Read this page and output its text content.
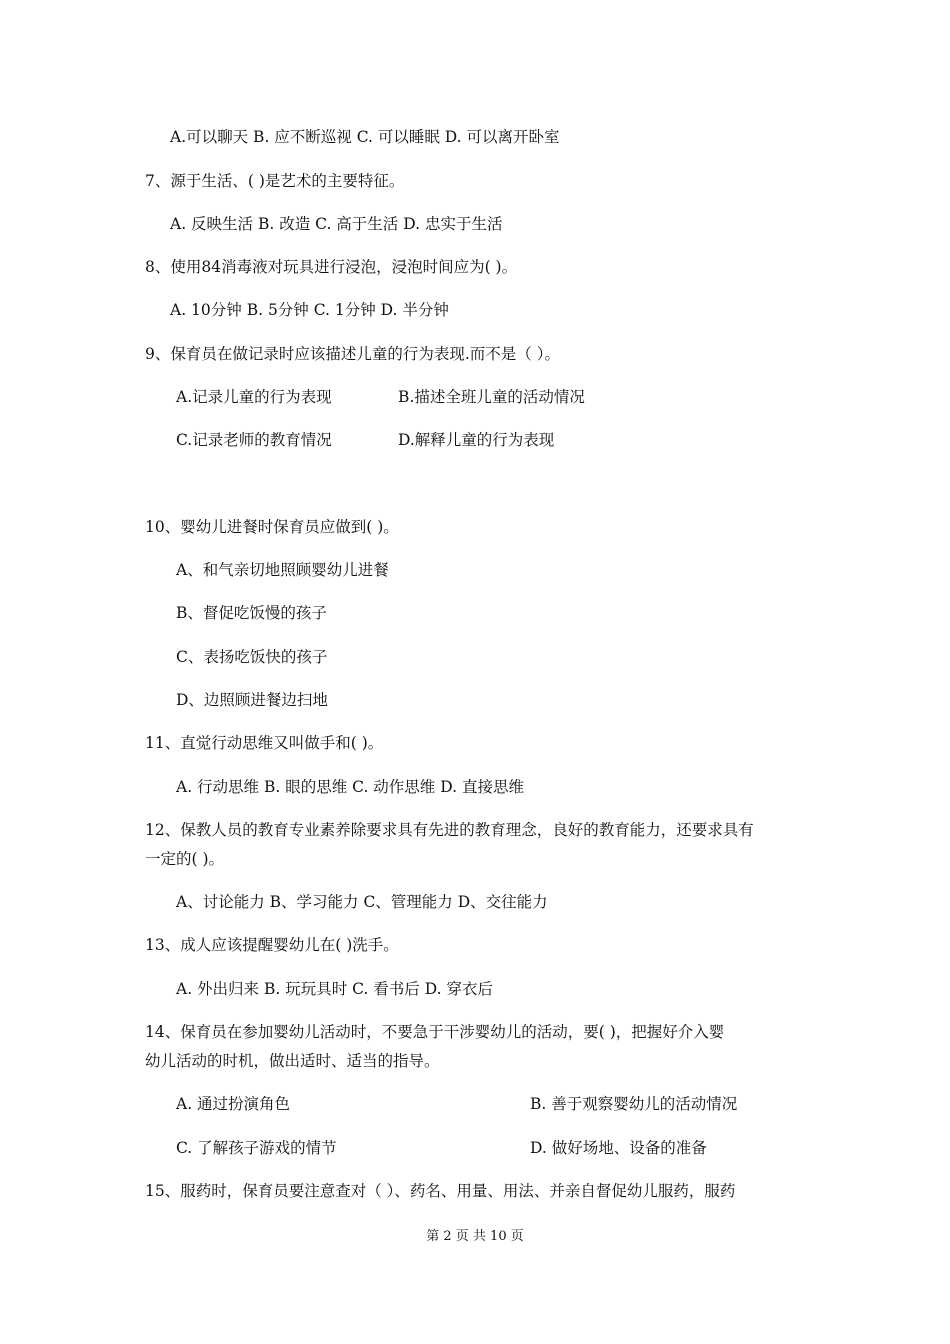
A.可以聊天 B. 应不断巡视 C. 可以睡眠 D. 可以离开卧室
7、源于生活、( )是艺术的主要特征。
A. 反映生活 B. 改造 C. 高于生活 D. 忠实于生活
8、使用84消毒液对玩具进行浸泡，浸泡时间应为( )。
A. 10分钟 B. 5分钟 C. 1分钟 D. 半分钟
9、保育员在做记录时应该描述儿童的行为表现.而不是（ ）。
A.记录儿童的行为表现	B.描述全班儿童的活动情况
C.记录老师的教育情况	D.解释儿童的行为表现
10、婴幼儿进餐时保育员应做到( )。
A、和气亲切地照顾婴幼儿进餐
B、督促吃饭慢的孩子
C、表扬吃饭快的孩子
D、边照顾进餐边扫地
11、直觉行动思维又叫做手和( )。
A. 行动思维 B. 眼的思维 C. 动作思维 D. 直接思维
12、保教人员的教育专业素养除要求具有先进的教育理念，良好的教育能力，还要求具有
一定的( )。
A、讨论能力 B、学习能力 C、管理能力 D、交往能力
13、成人应该提醒婴幼儿在( )洗手。
A. 外出归来 B. 玩玩具时 C. 看书后 D. 穿衣后
14、保育员在参加婴幼儿活动时，不要急于干涉婴幼儿的活动，要( )，把握好介入婴
幼儿活动的时机，做出适时、适当的指导。
A. 通过扮演角色	B. 善于观察婴幼儿的活动情况
C. 了解孩子游戏的情节	D. 做好场地、设备的准备
15、服药时，保育员要注意查对（ ）、药名、用量、用法、并亲自督促幼儿服药，服药
第 2 页 共 10 页
